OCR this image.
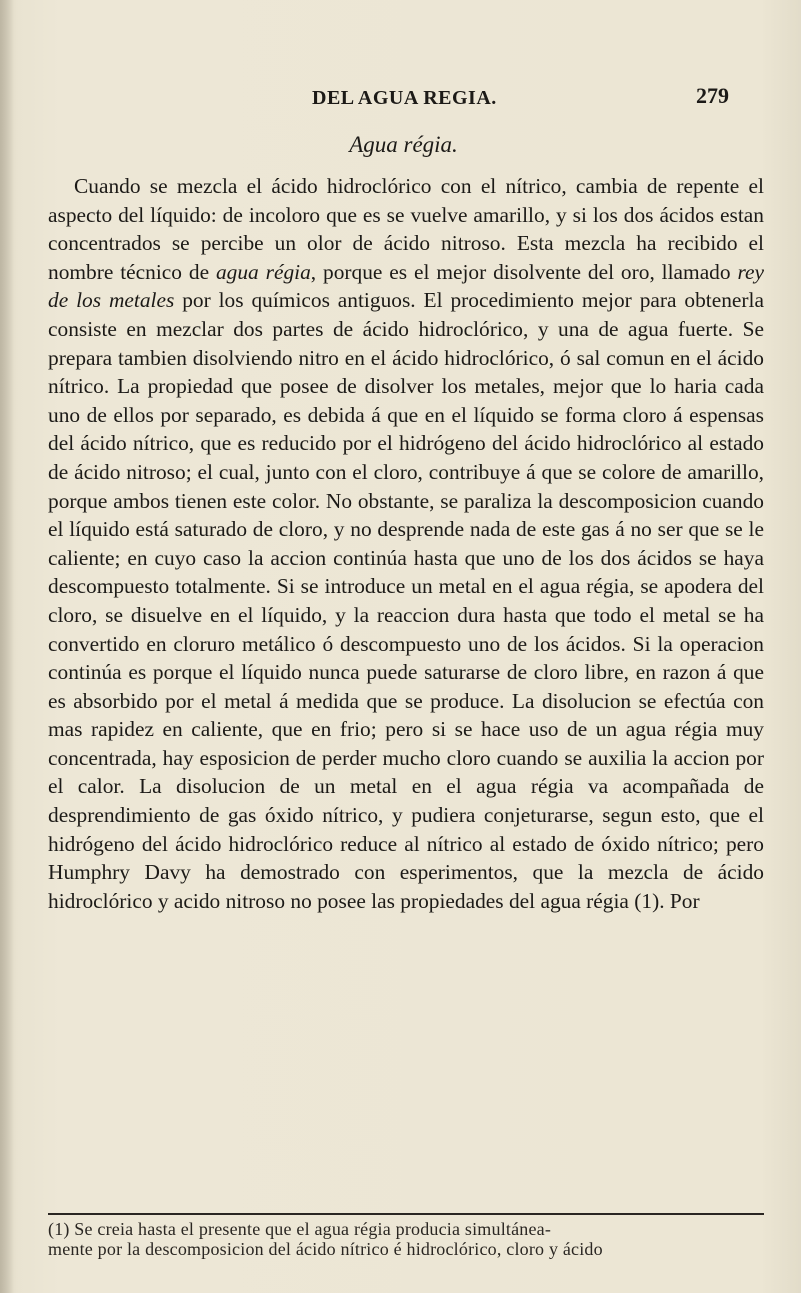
DEL AGUA REGIA.	279
Agua régia.

Cuando se mezcla el ácido hidroclórico con el nítrico, cambia de repente el aspecto del líquido: de incoloro que es se vuelve amarillo, y si los dos ácidos estan concentrados se percibe un olor de ácido nitroso. Esta mezcla ha recibido el nombre técnico de agua régia, porque es el mejor disolvente del oro, llamado rey de los metales por los químicos antiguos. El procedimiento mejor para obtenerla consiste en mezclar dos partes de ácido hidroclórico, y una de agua fuerte. Se prepara tambien disolviendo nitro en el ácido hidroclórico, ó sal comun en el ácido nítrico. La propiedad que posee de disolver los metales, mejor que lo haria cada uno de ellos por separado, es debida á que en el líquido se forma cloro á espensas del ácido nítrico, que es reducido por el hidrógeno del ácido hidroclórico al estado de ácido nitroso; el cual, junto con el cloro, contribuye á que se colore de amarillo, porque ambos tienen este color. No obstante, se paraliza la descomposicion cuando el líquido está saturado de cloro, y no desprende nada de este gas á no ser que se le caliente; en cuyo caso la accion continúa hasta que uno de los dos ácidos se haya descompuesto totalmente. Si se introduce un metal en el agua régia, se apodera del cloro, se disuelve en el líquido, y la reaccion dura hasta que todo el metal se ha convertido en cloruro metálico ó descompuesto uno de los ácidos. Si la operacion continúa es porque el líquido nunca puede saturarse de cloro libre, en razon á que es absorbido por el metal á medida que se produce. La disolucion se efectúa con mas rapidez en caliente, que en frio; pero si se hace uso de un agua régia muy concentrada, hay esposicion de perder mucho cloro cuando se auxilia la accion por el calor. La disolucion de un metal en el agua régia va acompañada de desprendimiento de gas óxido nítrico, y pudiera conjeturarse, segun esto, que el hidrógeno del ácido hidroclórico reduce al nítrico al estado de óxido nítrico; pero Humphry Davy ha demostrado con esperimentos, que la mezcla de ácido hidroclórico y acido nitroso no posee las propiedades del agua régia (1). Por

(1) Se creia hasta el presente que el agua régia producia simultánea-
mente por la descomposicion del ácido nítrico é hidroclórico, cloro y ácido
